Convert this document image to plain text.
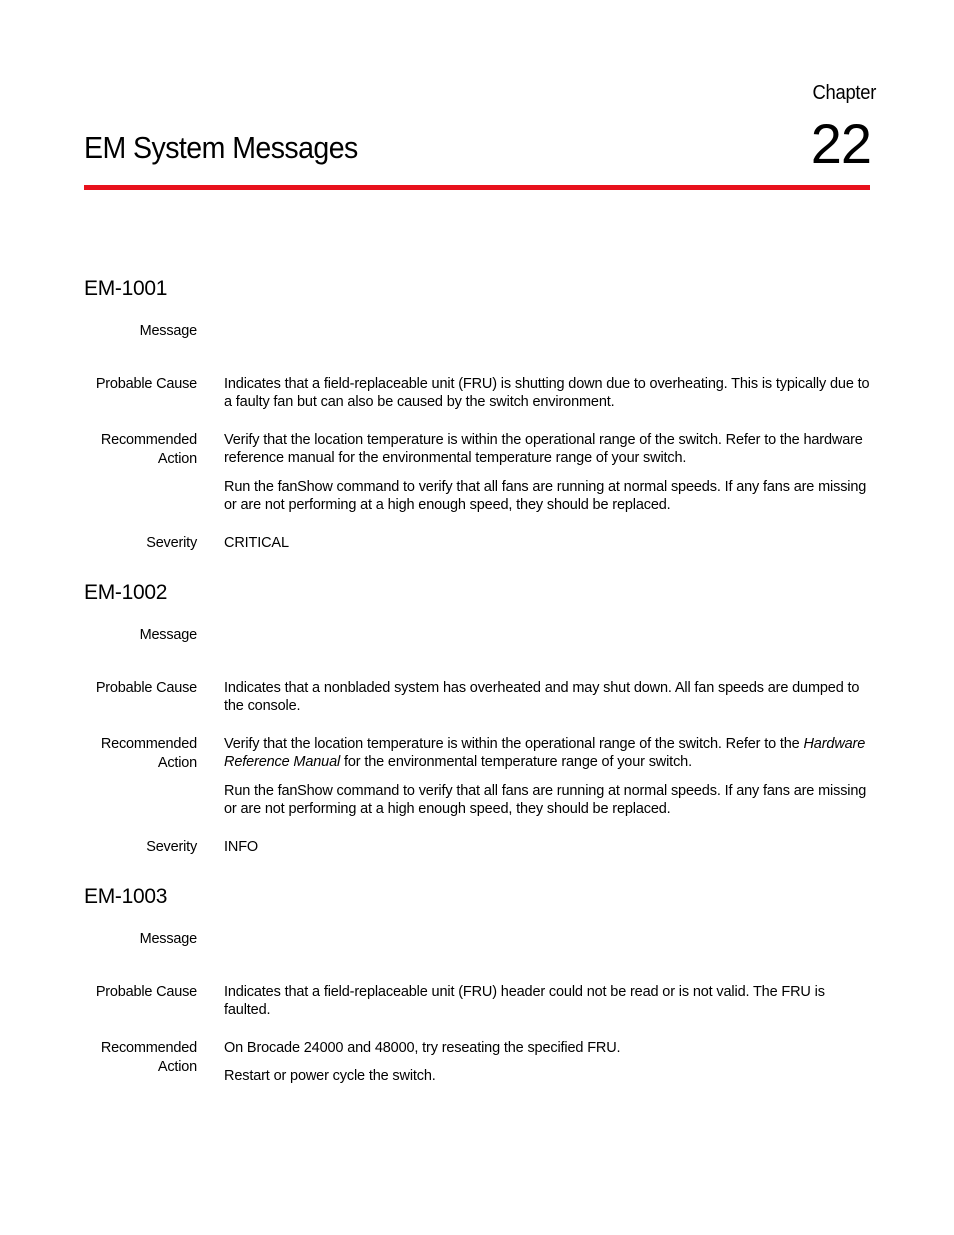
Chapter
22
EM System Messages
EM-1001
Message
Probable Cause Indicates that a field-replaceable unit (FRU) is shutting down due to overheating. This is typically due to a faulty fan but can also be caused by the switch environment.

Recommended
Action

Verify that the location temperature is within the operational range of the switch. Refer to the hardware reference manual for the environmental temperature range of your switch.

Run the fanShow command to verify that all fans are running at normal speeds. If any fans are missing or are not performing at a high enough speed, they should be replaced.

Severity CRITICAL
EM-1002
Message
Probable Cause Indicates that a nonbladed system has overheated and may shut down. All fan speeds are dumped to the console.

Recommended
Action

Verify that the location temperature is within the operational range of the switch. Refer to the Hardware Reference Manual for the environmental temperature range of your switch.

Run the fanShow command to verify that all fans are running at normal speeds. If any fans are missing or are not performing at a high enough speed, they should be replaced.

Severity INFO
EM-1003
Message
Probable Cause Indicates that a field-replaceable unit (FRU) header could not be read or is not valid. The FRU is faulted.

Recommended
Action

On Brocade 24000 and 48000, try reseating the specified FRU.

Restart or power cycle the switch.
